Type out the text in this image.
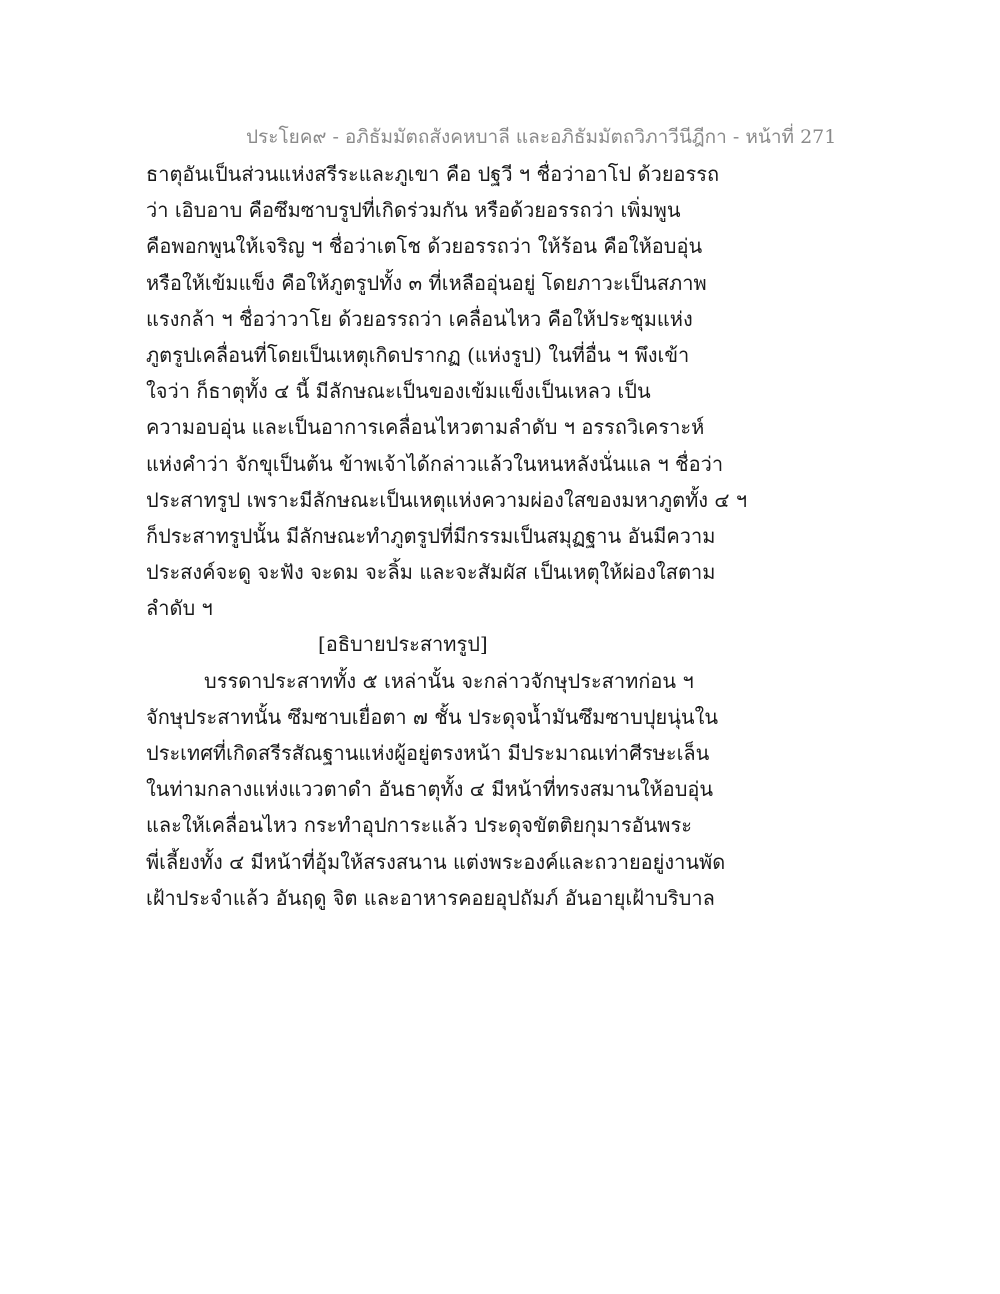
ประโยค๙ - อภิธัมมัตถสังคหบาลี และอภิธัมมัตถวิภาวีนีฎีกา - หน้าที่ 271
ธาตุอันเป็นส่วนแห่งสรีระและภูเขา คือ ปฐวี ฯ ชื่อว่าอาโป ด้วยอรรถ
ว่า เอิบอาบ คือซึมซาบรูปที่เกิดร่วมกัน หรือด้วยอรรถว่า เพิ่มพูน
คือพอกพูนให้เจริญ ฯ ชื่อว่าเตโช ด้วยอรรถว่า ให้ร้อน คือให้อบอุ่น
หรือให้เข้มแข็ง คือให้ภูตรูปทั้ง ๓ ที่เหลืออุ่นอยู่ โดยภาวะเป็นสภาพ
แรงกล้า ฯ ชื่อว่าวาโย ด้วยอรรถว่า เคลื่อนไหว คือให้ประชุมแห่ง
ภูตรูปเคลื่อนที่โดยเป็นเหตุเกิดปรากฏ (แห่งรูป) ในที่อื่น ฯ พึงเข้า
ใจว่า ก็ธาตุทั้ง ๔ นี้ มีลักษณะเป็นของเข้มแข็งเป็นเหลว เป็น
ความอบอุ่น และเป็นอาการเคลื่อนไหวตามลำดับ ฯ อรรถวิเคราะห์
แห่งคำว่า จักขุเป็นต้น ข้าพเจ้าได้กล่าวแล้วในหนหลังนั่นแล ฯ ชื่อว่า
ประสาทรูป เพราะมีลักษณะเป็นเหตุแห่งความผ่องใสของมหาภูตทั้ง ๔ ฯ
ก็ประสาทรูปนั้น มีลักษณะทำภูตรูปที่มีกรรมเป็นสมุฏฐาน อันมีความ
ประสงค์จะดู จะฟัง จะดม จะลิ้ม และจะสัมผัส เป็นเหตุให้ผ่องใสตาม
ลำดับ ฯ
[อธิบายประสาทรูป]
บรรดาประสาททั้ง ๕ เหล่านั้น จะกล่าวจักษุประสาทก่อน ฯ
จักษุประสาทนั้น ซึมซาบเยื่อตา ๗ ชั้น ประดุจน้ำมันซึมซาบปุยนุ่นใน
ประเทศที่เกิดสรีรสัณฐานแห่งผู้อยู่ตรงหน้า มีประมาณเท่าศีรษะเล็น
ในท่ามกลางแห่งแววตาดำ อันธาตุทั้ง ๔ มีหน้าที่ทรงสมานให้อบอุ่น
และให้เคลื่อนไหว กระทำอุปการะแล้ว ประดุจขัตติยกุมารอันพระ
พี่เลี้ยงทั้ง ๔ มีหน้าที่อุ้มให้สรงสนาน แต่งพระองค์และถวายอยู่งานพัด
เฝ้าประจำแล้ว อันฤดู จิต และอาหารคอยอุปถัมภ์ อันอายุเฝ้าบริบาล
